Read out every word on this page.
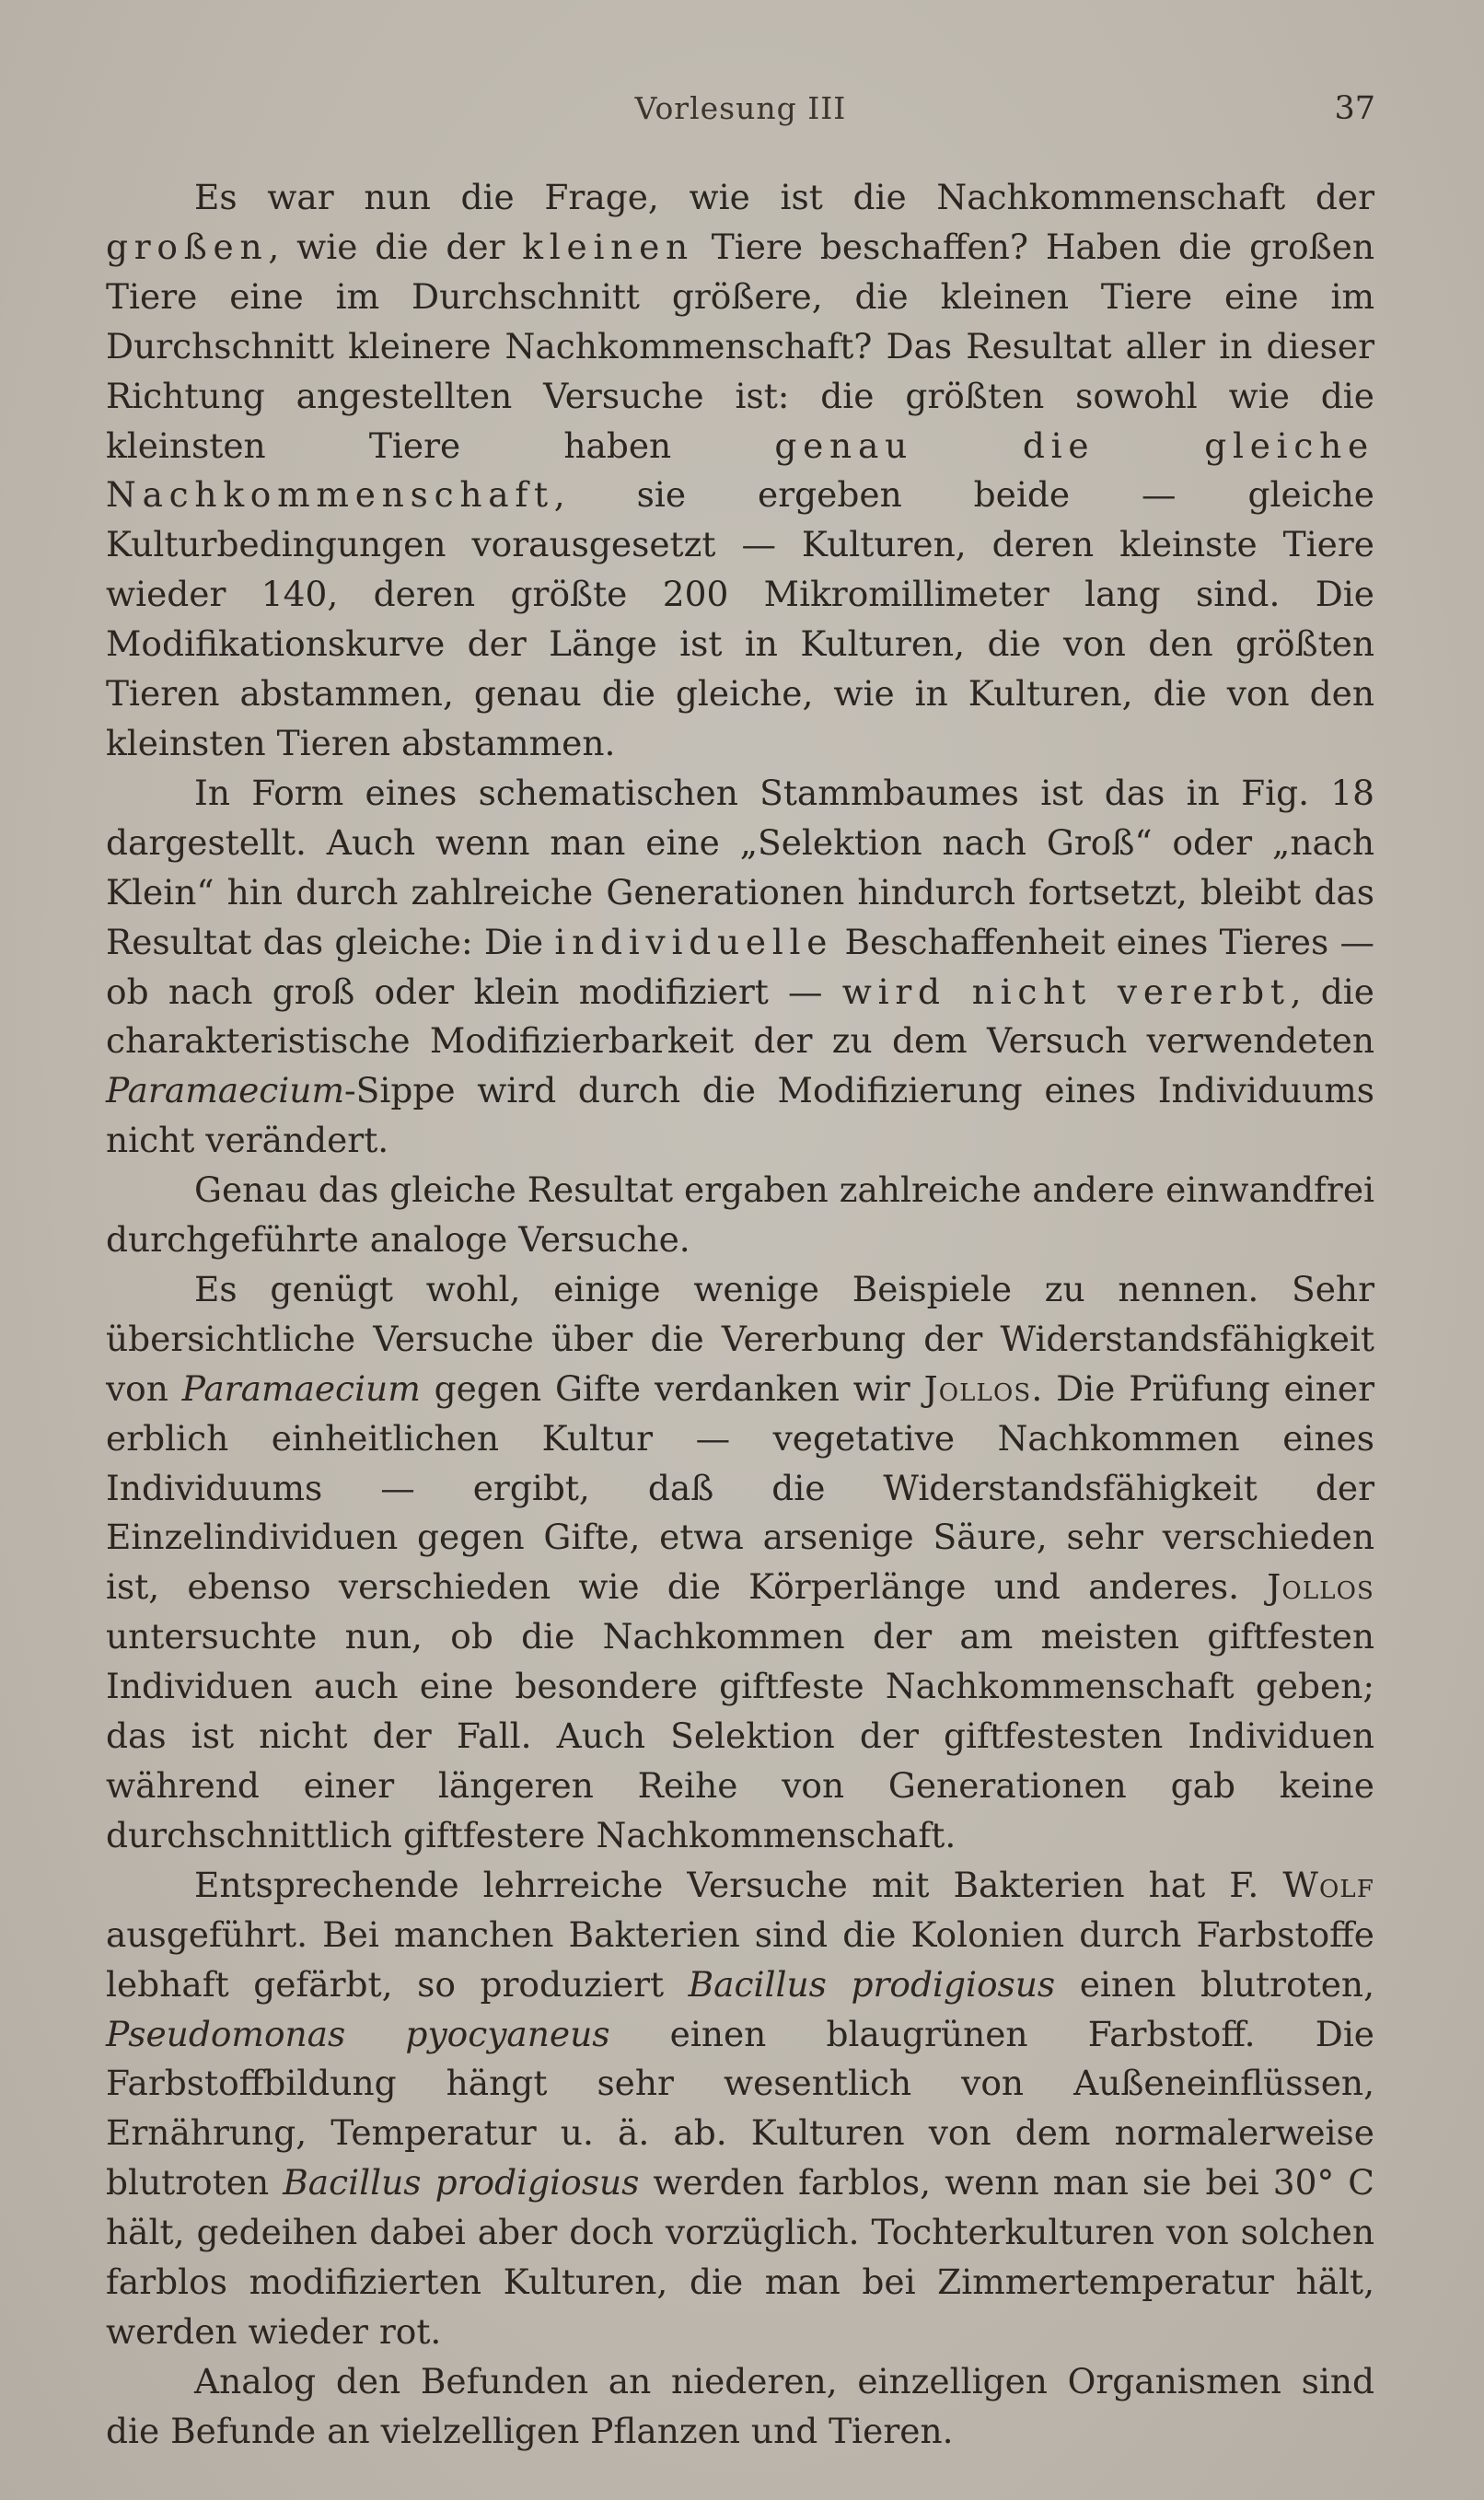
Vorlesung III	37

Es war nun die Frage, wie ist die Nachkommenschaft der großen, wie die der kleinen Tiere beschaffen? Haben die großen Tiere eine im Durchschnitt größere, die kleinen Tiere eine im Durchschnitt kleinere Nachkommenschaft? Das Resultat aller in dieser Richtung angestellten Versuche ist: die größten sowohl wie die kleinsten Tiere haben genau die gleiche Nachkommenschaft, sie ergeben beide — gleiche Kulturbedingungen vorausgesetzt — Kulturen, deren kleinste Tiere wieder 140, deren größte 200 Mikromillimeter lang sind. Die Modifikationskurve der Länge ist in Kulturen, die von den größten Tieren abstammen, genau die gleiche, wie in Kulturen, die von den kleinsten Tieren abstammen.

In Form eines schematischen Stammbaumes ist das in Fig. 18 dargestellt. Auch wenn man eine „Selektion nach Groß“ oder „nach Klein“ hin durch zahlreiche Generationen hindurch fortsetzt, bleibt das Resultat das gleiche: Die individuelle Beschaffenheit eines Tieres — ob nach groß oder klein modifiziert — wird nicht vererbt, die charakteristische Modifizierbarkeit der zu dem Versuch verwendeten Paramaecium-Sippe wird durch die Modifizierung eines Individuums nicht verändert.

Genau das gleiche Resultat ergaben zahlreiche andere einwandfrei durchgeführte analoge Versuche.

Es genügt wohl, einige wenige Beispiele zu nennen. Sehr übersichtliche Versuche über die Vererbung der Widerstandsfähigkeit von Paramaecium gegen Gifte verdanken wir Jollos. Die Prüfung einer erblich einheitlichen Kultur — vegetative Nachkommen eines Individuums — ergibt, daß die Widerstandsfähigkeit der Einzelindividuen gegen Gifte, etwa arsenige Säure, sehr verschieden ist, ebenso verschieden wie die Körperlänge und anderes. Jollos untersuchte nun, ob die Nachkommen der am meisten giftfesten Individuen auch eine besondere giftfeste Nachkommenschaft geben; das ist nicht der Fall. Auch Selektion der giftfestesten Individuen während einer längeren Reihe von Generationen gab keine durchschnittlich giftfestere Nachkommenschaft.

Entsprechende lehrreiche Versuche mit Bakterien hat F. Wolf ausgeführt. Bei manchen Bakterien sind die Kolonien durch Farbstoffe lebhaft gefärbt, so produziert Bacillus prodigiosus einen blutroten, Pseudomonas pyocyaneus einen blaugrünen Farbstoff. Die Farbstoffbildung hängt sehr wesentlich von Außeneinflüssen, Ernährung, Temperatur u. ä. ab. Kulturen von dem normalerweise blutroten Bacillus prodigiosus werden farblos, wenn man sie bei 30° C hält, gedeihen dabei aber doch vorzüglich. Tochterkulturen von solchen farblos modifizierten Kulturen, die man bei Zimmertemperatur hält, werden wieder rot.

Analog den Befunden an niederen, einzelligen Organismen sind die Befunde an vielzelligen Pflanzen und Tieren.
